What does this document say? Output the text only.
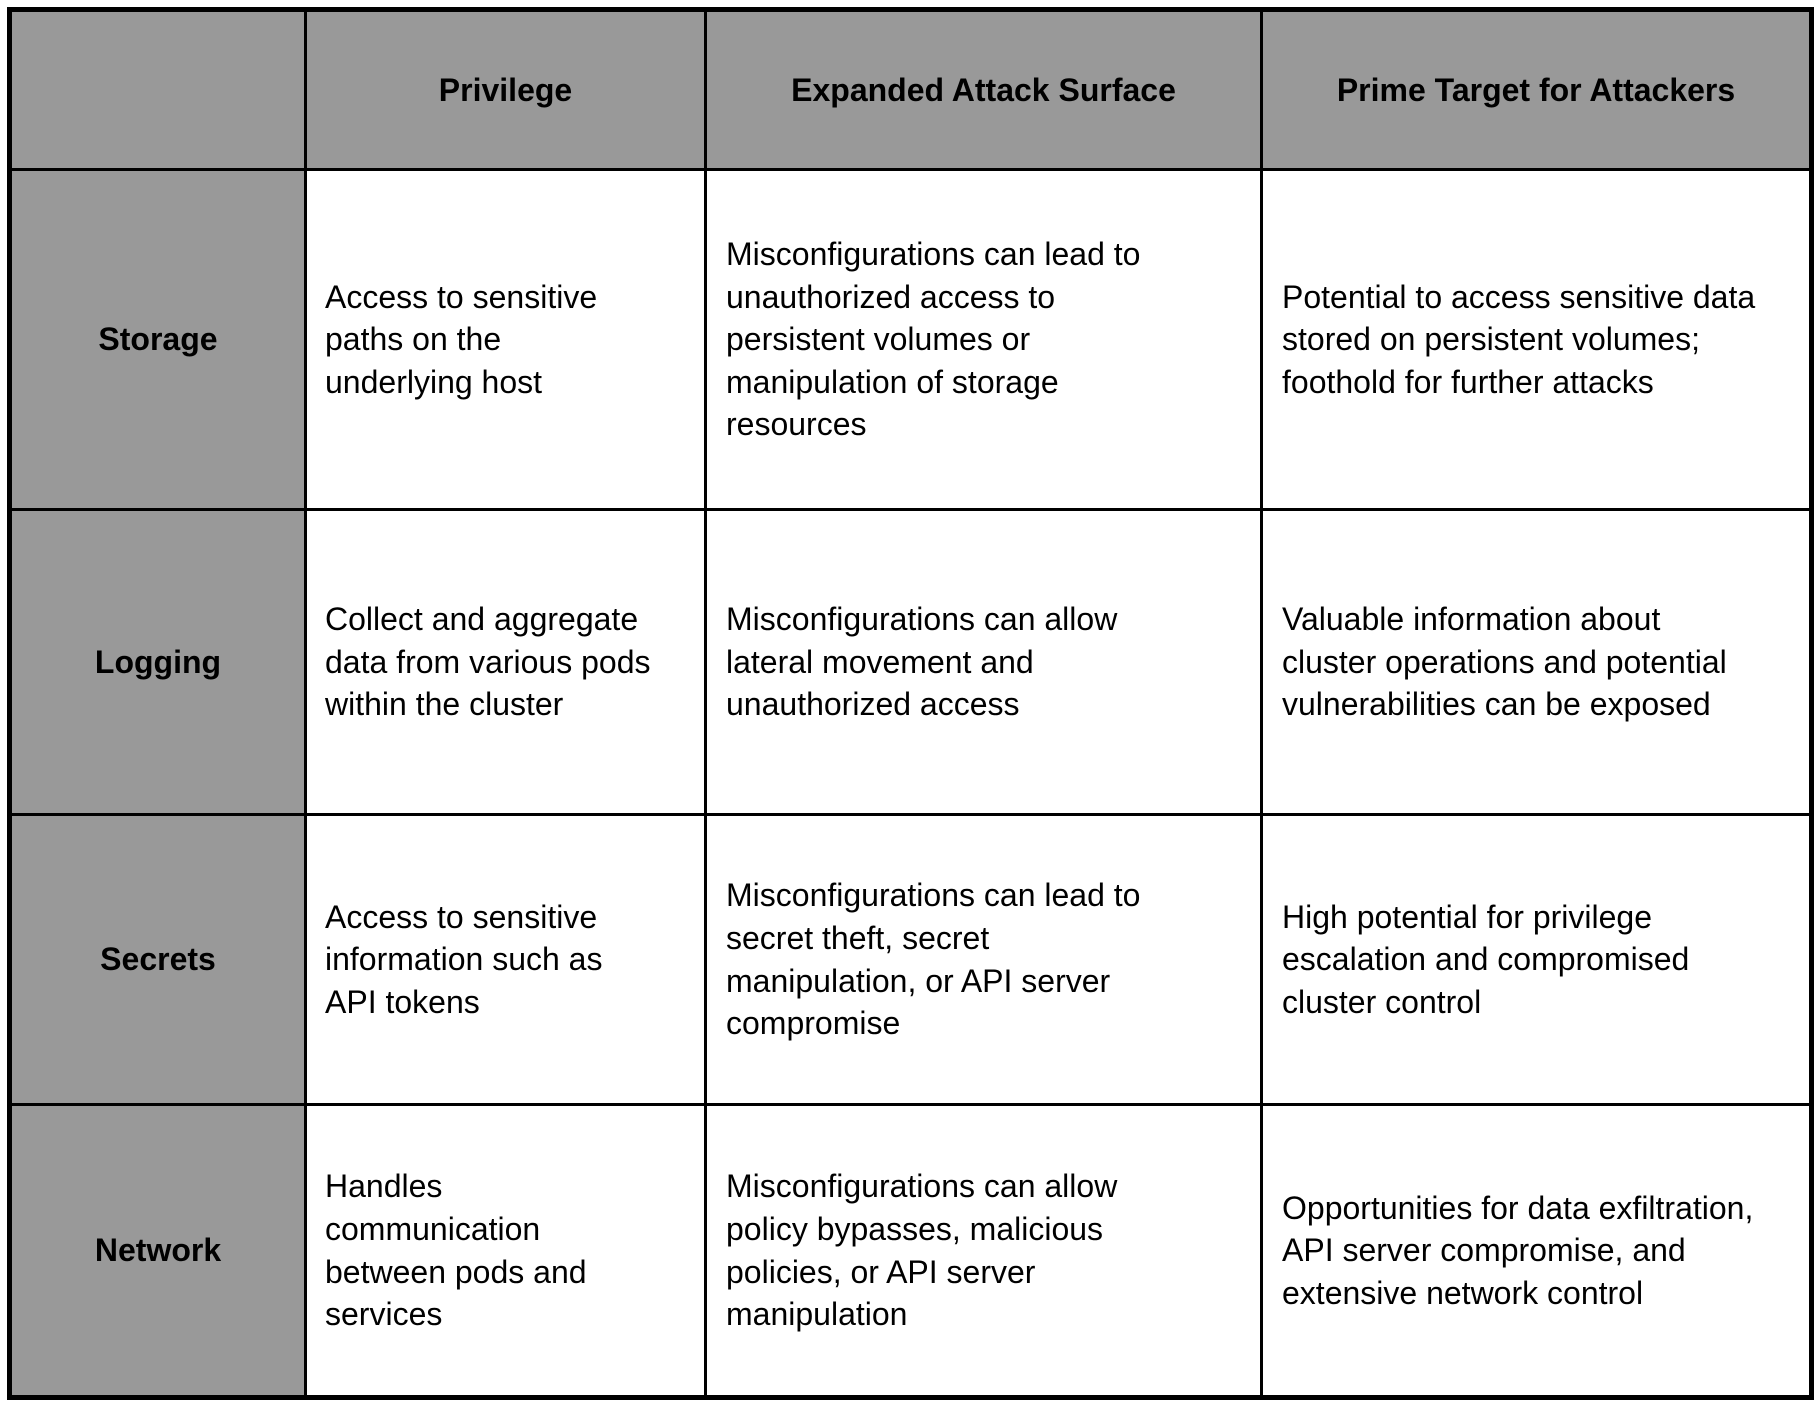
	Privilege	Expanded Attack Surface	Prime Target for Attackers
Storage	Access to sensitive paths on the underlying host	Misconfigurations can lead to unauthorized access to persistent volumes or manipulation of storage resources	Potential to access sensitive data stored on persistent volumes; foothold for further attacks
Logging	Collect and aggregate data from various pods within the cluster	Misconfigurations can allow lateral movement and unauthorized access	Valuable information about cluster operations and potential vulnerabilities can be exposed
Secrets	Access to sensitive information such as API tokens	Misconfigurations can lead to secret theft, secret manipulation, or API server compromise	High potential for privilege escalation and compromised cluster control
Network	Handles communication between pods and services	Misconfigurations can allow policy bypasses, malicious policies, or API server manipulation	Opportunities for data exfiltration, API server compromise, and extensive network control
